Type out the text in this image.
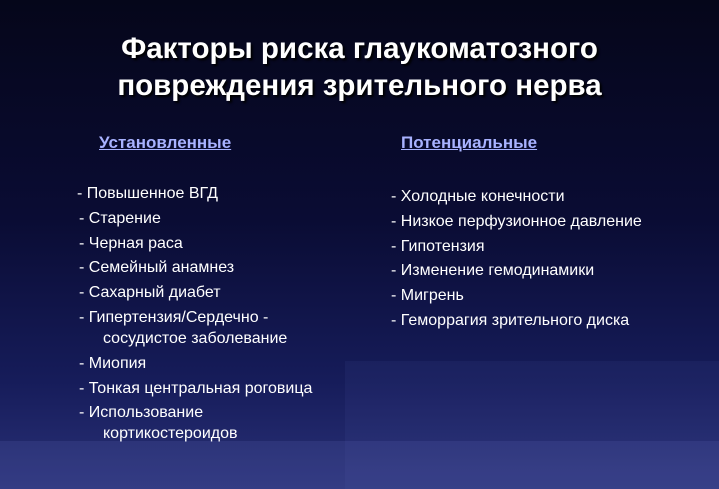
Факторы риска глаукоматозного
повреждения зрительного нерва
Установленные	Потенциальные
- Повышенное ВГД
- Старение
- Черная раса
- Семейный анамнез
- Сахарный диабет
- Гипертензия/Сердечно -
сосудистое заболевание
- Миопия
- Тонкая центральная роговица
- Использование
кортикостероидов
- Холодные конечности
- Низкое перфузионное давление
- Гипотензия
- Изменение гемодинамики
- Мигрень
- Геморрагия зрительного диска
